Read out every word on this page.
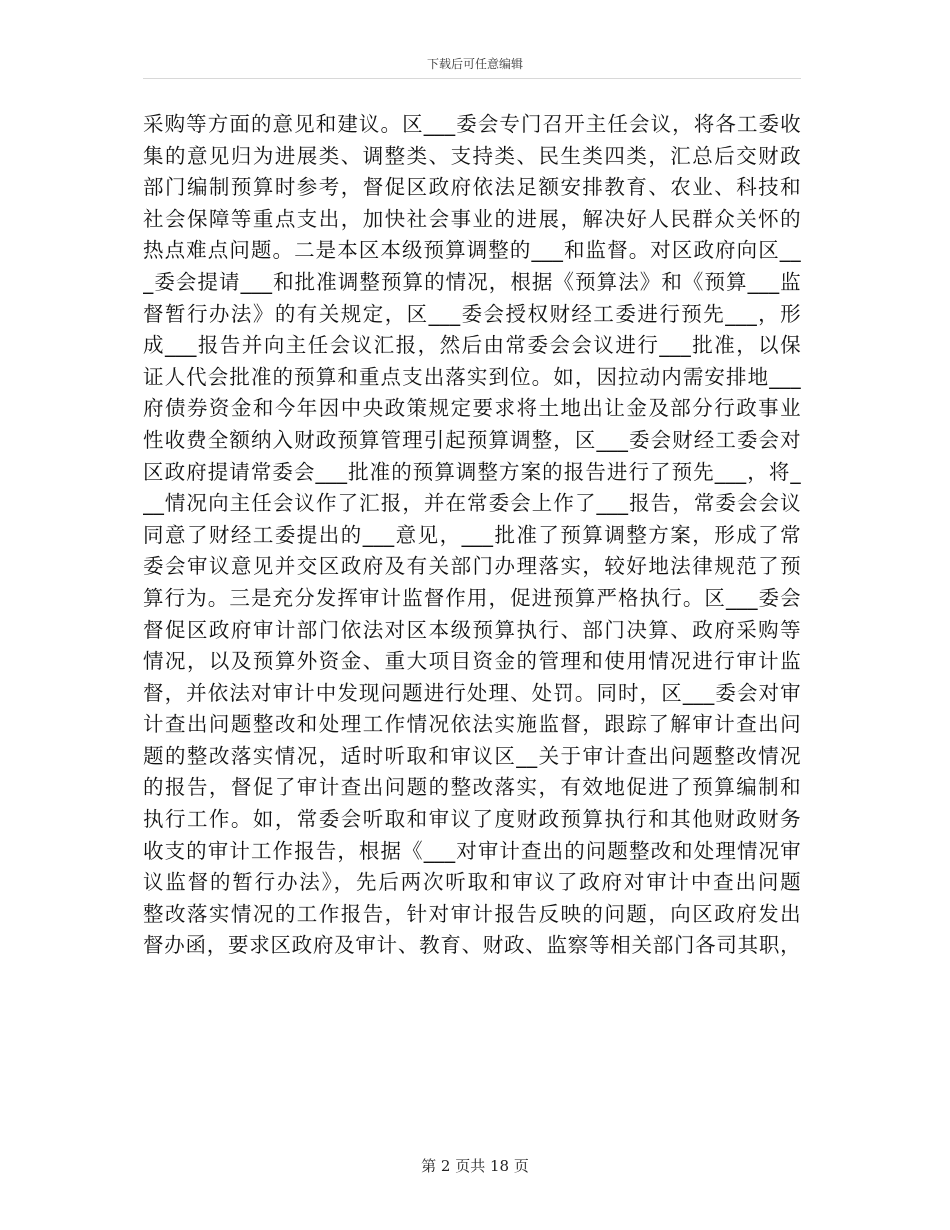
下载后可任意编辑
采购等方面的意见和建议。区___委会专门召开主任会议，将各工委收
集的意见归为进展类、调整类、支持类、民生类四类，汇总后交财政
部门编制预算时参考，督促区政府依法足额安排教育、农业、科技和
社会保障等重点支出，加快社会事业的进展，解决好人民群众关怀的
热点难点问题。二是本区本级预算调整的___和监督。对区政府向区__
_委会提请___和批准调整预算的情况，根据《预算法》和《预算___监
督暂行办法》的有关规定，区___委会授权财经工委进行预先___，形
成___报告并向主任会议汇报，然后由常委会会议进行___批准，以保
证人代会批准的预算和重点支出落实到位。如，因拉动内需安排地___
府债券资金和今年因中央政策规定要求将土地出让金及部分行政事业
性收费全额纳入财政预算管理引起预算调整，区___委会财经工委会对
区政府提请常委会___批准的预算调整方案的报告进行了预先___，将_
__情况向主任会议作了汇报，并在常委会上作了___报告，常委会会议
同意了财经工委提出的___意见，___批准了预算调整方案，形成了常
委会审议意见并交区政府及有关部门办理落实，较好地法律规范了预
算行为。三是充分发挥审计监督作用，促进预算严格执行。区___委会
督促区政府审计部门依法对区本级预算执行、部门决算、政府采购等
情况，以及预算外资金、重大项目资金的管理和使用情况进行审计监
督，并依法对审计中发现问题进行处理、处罚。同时，区___委会对审
计查出问题整改和处理工作情况依法实施监督，跟踪了解审计查出问
题的整改落实情况，适时听取和审议区__关于审计查出问题整改情况
的报告，督促了审计查出问题的整改落实，有效地促进了预算编制和
执行工作。如，常委会听取和审议了度财政预算执行和其他财政财务
收支的审计工作报告，根据《___对审计查出的问题整改和处理情况审
议监督的暂行办法》，先后两次听取和审议了政府对审计中查出问题
整改落实情况的工作报告，针对审计报告反映的问题，向区政府发出
督办函，要求区政府及审计、教育、财政、监察等相关部门各司其职，
第 2 页共 18 页
